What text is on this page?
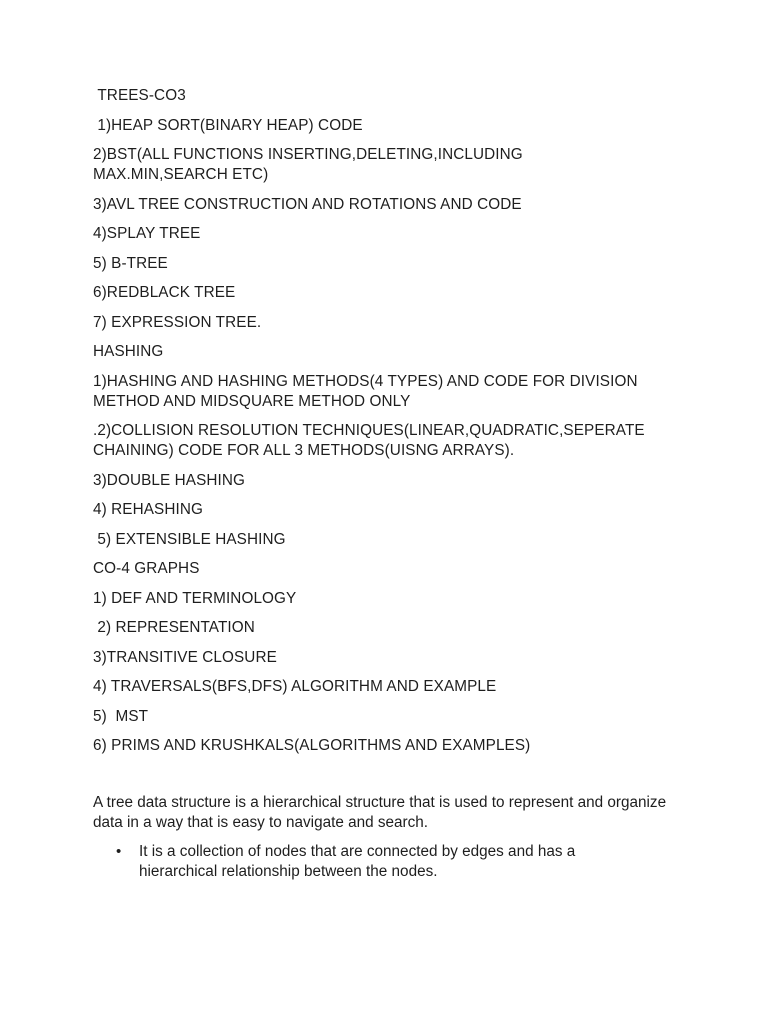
TREES-CO3
1)HEAP SORT(BINARY HEAP) CODE
2)BST(ALL FUNCTIONS INSERTING,DELETING,INCLUDING MAX.MIN,SEARCH ETC)
3)AVL TREE CONSTRUCTION AND ROTATIONS AND CODE
4)SPLAY TREE
5) B-TREE
6)REDBLACK TREE
7) EXPRESSION TREE.
HASHING
1)HASHING AND HASHING METHODS(4 TYPES) AND CODE FOR DIVISION METHOD AND MIDSQUARE METHOD ONLY
.2)COLLISION RESOLUTION TECHNIQUES(LINEAR,QUADRATIC,SEPERATE CHAINING) CODE FOR ALL 3 METHODS(UISNG ARRAYS).
3)DOUBLE HASHING
4) REHASHING
5) EXTENSIBLE HASHING
CO-4 GRAPHS
1) DEF AND TERMINOLOGY
2) REPRESENTATION
3)TRANSITIVE CLOSURE
4) TRAVERSALS(BFS,DFS) ALGORITHM AND EXAMPLE
5)  MST
6) PRIMS AND KRUSHKALS(ALGORITHMS AND EXAMPLES)
A tree data structure is a hierarchical structure that is used to represent and organize data in a way that is easy to navigate and search.
• It is a collection of nodes that are connected by edges and has a hierarchical relationship between the nodes.
